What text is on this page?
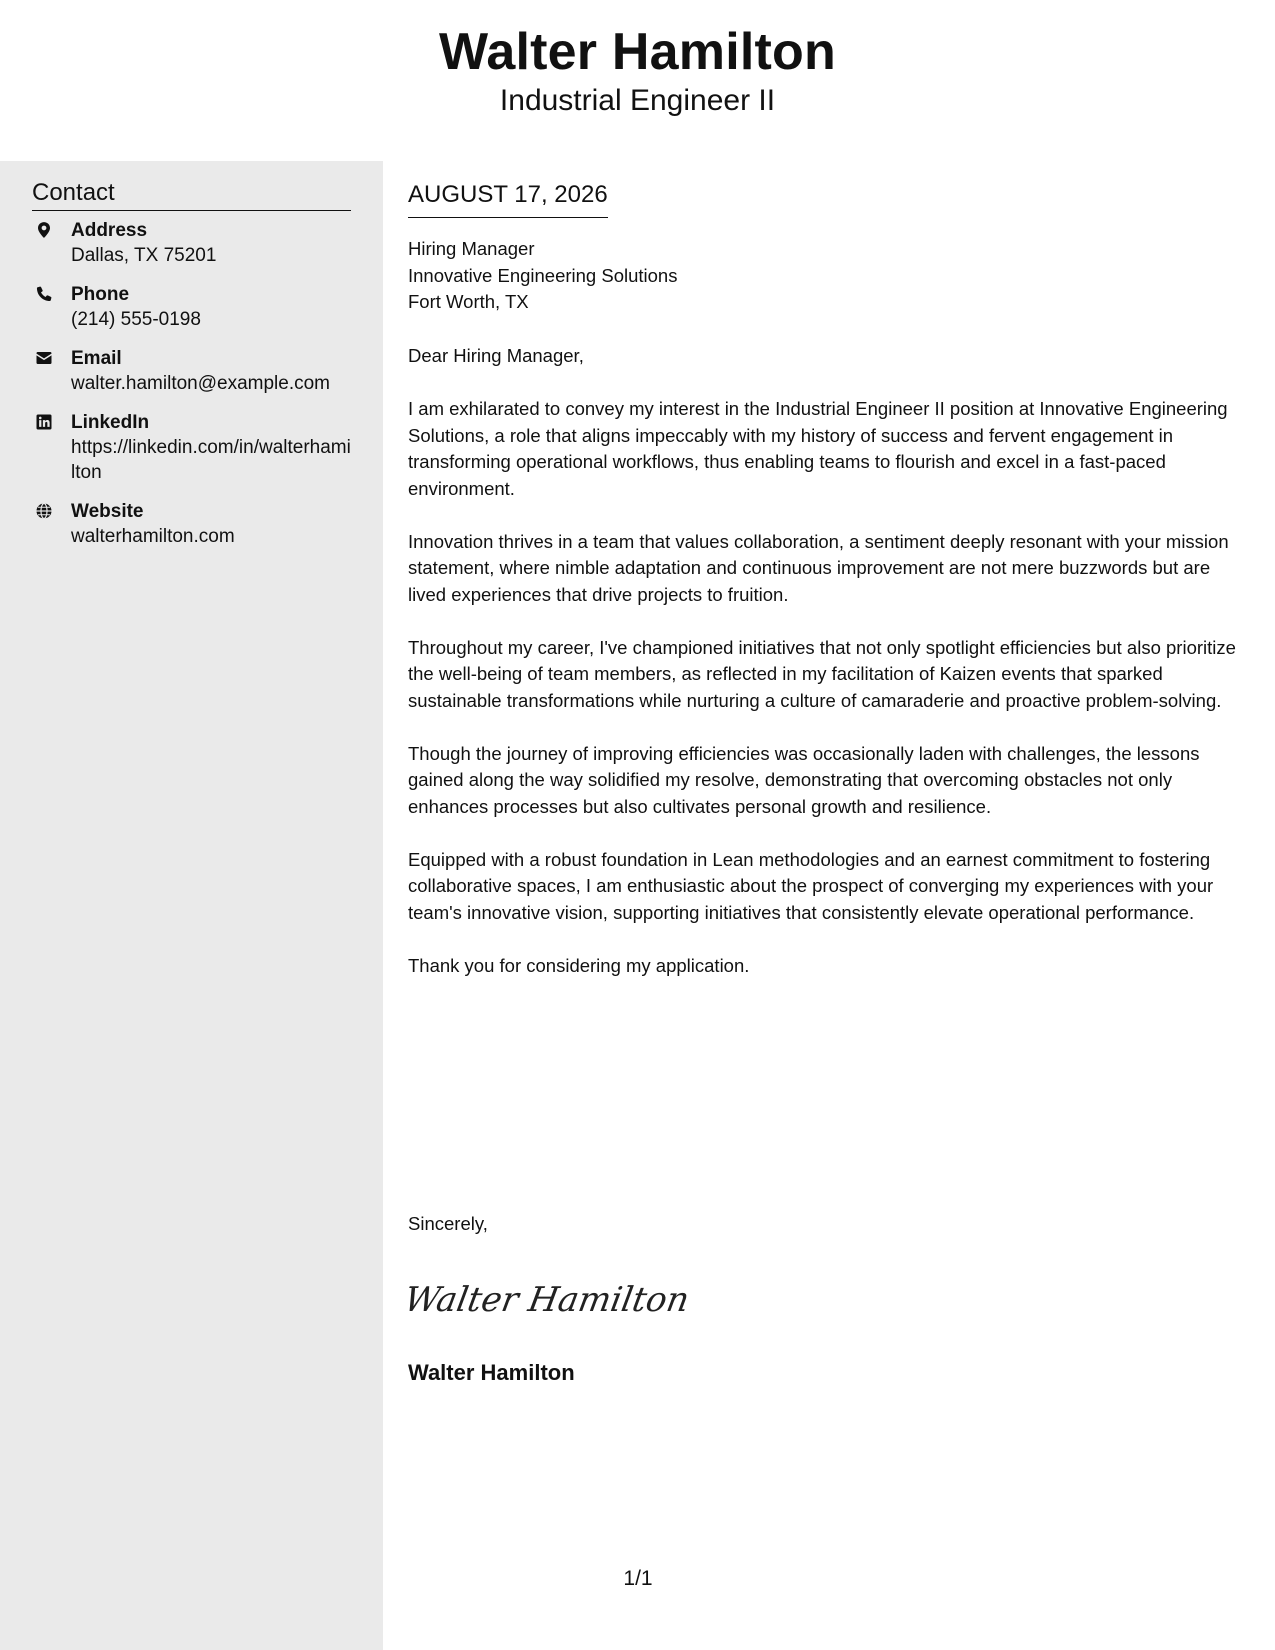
Walter Hamilton
Industrial Engineer II
Contact
Address
Dallas, TX 75201
Phone
(214) 555-0198
Email
walter.hamilton@example.com
LinkedIn
https://linkedin.com/in/walterhamilton
Website
walterhamilton.com
AUGUST 17, 2026
Hiring Manager
Innovative Engineering Solutions
Fort Worth, TX

Dear Hiring Manager,

I am exhilarated to convey my interest in the Industrial Engineer II position at Innovative Engineering Solutions, a role that aligns impeccably with my history of success and fervent engagement in transforming operational workflows, thus enabling teams to flourish and excel in a fast-paced environment.

Innovation thrives in a team that values collaboration, a sentiment deeply resonant with your mission statement, where nimble adaptation and continuous improvement are not mere buzzwords but are lived experiences that drive projects to fruition.

Throughout my career, I've championed initiatives that not only spotlight efficiencies but also prioritize the well-being of team members, as reflected in my facilitation of Kaizen events that sparked sustainable transformations while nurturing a culture of camaraderie and proactive problem-solving.

Though the journey of improving efficiencies was occasionally laden with challenges, the lessons gained along the way solidified my resolve, demonstrating that overcoming obstacles not only enhances processes but also cultivates personal growth and resilience.

Equipped with a robust foundation in Lean methodologies and an earnest commitment to fostering collaborative spaces, I am enthusiastic about the prospect of converging my experiences with your team's innovative vision, supporting initiatives that consistently elevate operational performance.

Thank you for considering my application.

Sincerely,
Walter Hamilton
Walter Hamilton
1/1
